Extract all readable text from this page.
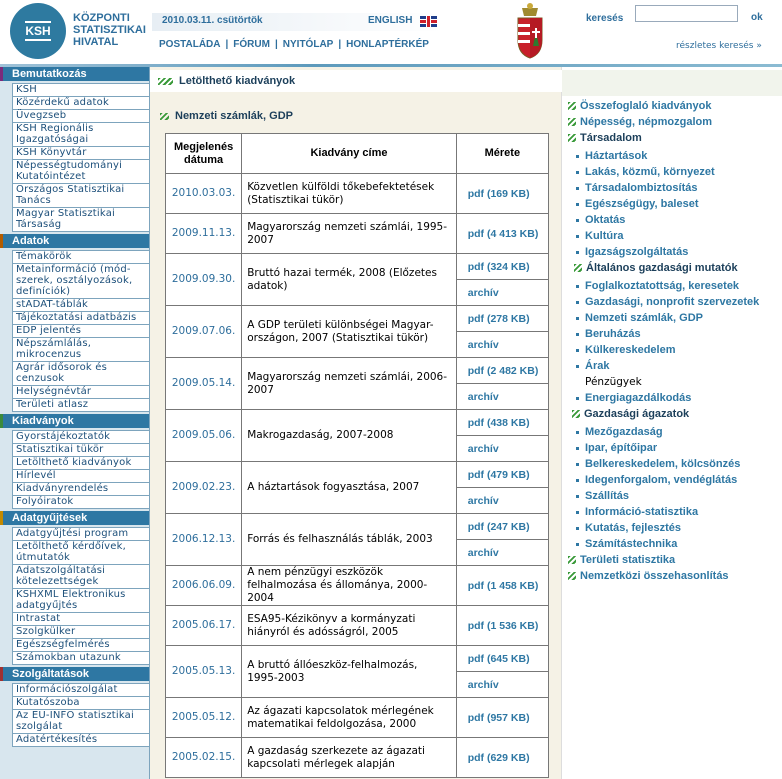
KSH
KÖZPONTI
STATISZTIKAI
HIVATAL
2010.03.11. csütörtök	ENGLISH
POSTALÁDA | FÓRUM | NYITÓLAP | HONLAPTÉRKÉP
keresés	ok
részletes keresés »
Bemutatkozás
KSH
Közérdekű adatok
Üvegzseb
KSH Regionális Igazgatóságai
KSH Könyvtár
Népességtudományi Kutatóintézet
Országos Statisztikai Tanács
Magyar Statisztikai Társaság
Adatok
Témakörök
Metainformáció (mód-szerek, osztályozások, definíciók)
stADAT-táblák
Tájékoztatási adatbázis
EDP jelentés
Népszámlálás, mikrocenzus
Agrár idősorok és cenzusok
Helységnévtár
Területi atlasz
Kiadványok
Gyorstájékoztatók
Statisztikai tükör
Letölthető kiadványok
Hírlevél
Kiadványrendelés
Folyóiratok
Adatgyűjtések
Adatgyűjtési program
Letölthető kérdőívek, útmutatók
Adatszolgáltatási kötelezettségek
KSHXML Elektronikus adatgyűjtés
Intrastat
Szolgkülker
Egészségfelmérés
Számokban utazunk
Szolgáltatások
Információszolgálat
Kutatószoba
Az EU-INFO statisztikai szolgálat
Adatértékesítés
Letölthető kiadványok
Nemzeti számlák, GDP
Megjelenés dátuma	Kiadvány címe	Mérete
2010.03.03.	Közvetlen külföldi tőkebefektetések (Statisztikai tükör)	pdf (169 KB)
2009.11.13.	Magyarország nemzeti számlái, 1995-2007	pdf (4 413 KB)
2009.09.30.	Bruttó hazai termék, 2008 (Előzetes adatok)	pdf (324 KB)
		archív
2009.07.06.	A GDP területi különbségei Magyar-országon, 2007 (Statisztikai tükör)	pdf (278 KB)
		archív
2009.05.14.	Magyarország nemzeti számlái, 2006-2007	pdf (2 482 KB)
		archív
2009.05.06.	Makrogazdaság, 2007-2008	pdf (438 KB)
		archív
2009.02.23.	A háztartások fogyasztása, 2007	pdf (479 KB)
		archív
2006.12.13.	Forrás és felhasználás táblák, 2003	pdf (247 KB)
		archív
2006.06.09.	A nem pénzügyi eszközök felhalmozása és állománya, 2000-2004	pdf (1 458 KB)
2005.06.17.	ESA95-Kézikönyv a kormányzati hiányról és adósságról, 2005	pdf (1 536 KB)
2005.05.13.	A bruttó állóeszköz-felhalmozás, 1995-2003	pdf (645 KB)
		archív
2005.05.12.	Az ágazati kapcsolatok mérlegének matematikai feldolgozása, 2000	pdf (957 KB)
2005.02.15.	A gazdaság szerkezete az ágazati kapcsolati mérlegek alapján	pdf (629 KB)
Összefoglaló kiadványok
Népesség, népmozgalom
Társadalom
Háztartások
Lakás, közmű, környezet
Társadalombiztosítás
Egészségügy, baleset
Oktatás
Kultúra
Igazságszolgáltatás
Általános gazdasági mutatók
Foglalkoztatottság, keresetek
Gazdasági, nonprofit szervezetek
Nemzeti számlák, GDP
Beruházás
Külkereskedelem
Árak
Pénzügyek
Energiagazdálkodás
Gazdasági ágazatok
Mezőgazdaság
Ipar, építőipar
Belkereskedelem, kölcsönzés
Idegenforgalom, vendéglátás
Szállítás
Információ-statisztika
Kutatás, fejlesztés
Számítástechnika
Területi statisztika
Nemzetközi összehasonlítás
